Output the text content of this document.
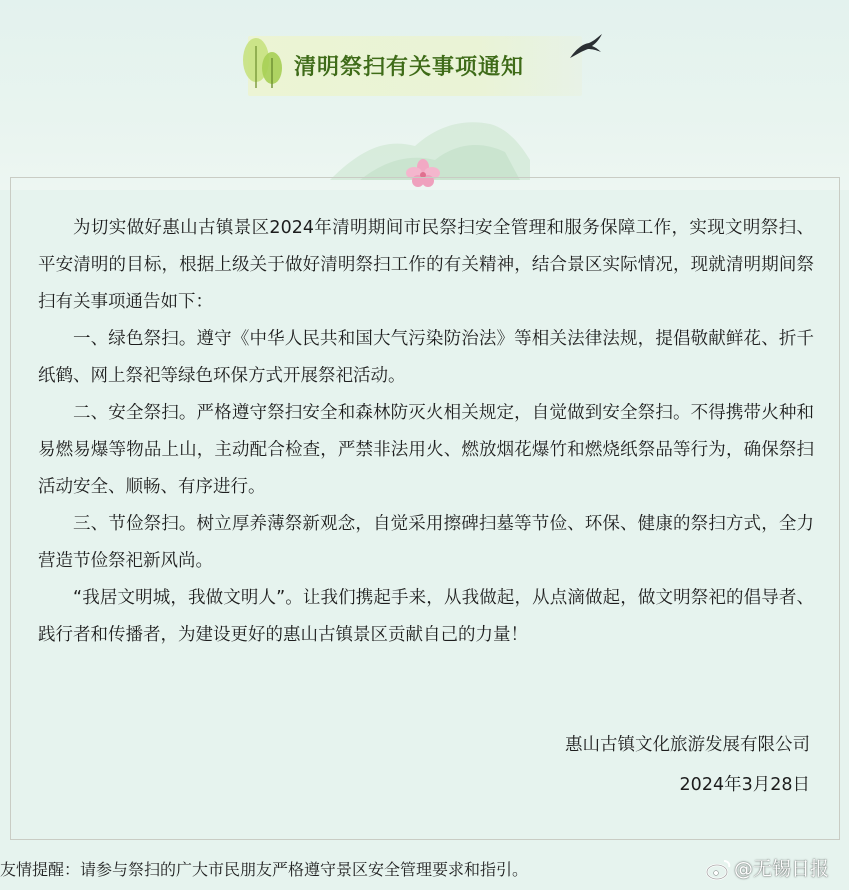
清明祭扫有关事项通知

为切实做好惠山古镇景区2024年清明期间市民祭扫安全管理和服务保障工作，实现文明祭扫、平安清明的目标，根据上级关于做好清明祭扫工作的有关精神，结合景区实际情况，现就清明期间祭扫有关事项通告如下：

一、绿色祭扫。遵守《中华人民共和国大气污染防治法》等相关法律法规，提倡敬献鲜花、折千纸鹤、网上祭祀等绿色环保方式开展祭祀活动。

二、安全祭扫。严格遵守祭扫安全和森林防灭火相关规定，自觉做到安全祭扫。不得携带火种和易燃易爆等物品上山，主动配合检查，严禁非法用火、燃放烟花爆竹和燃烧纸祭品等行为，确保祭扫活动安全、顺畅、有序进行。

三、节俭祭扫。树立厚养薄祭新观念，自觉采用擦碑扫墓等节俭、环保、健康的祭扫方式，全力营造节俭祭祀新风尚。

“我居文明城，我做文明人”。让我们携起手来，从我做起，从点滴做起，做文明祭祀的倡导者、践行者和传播者，为建设更好的惠山古镇景区贡献自己的力量！

惠山古镇文化旅游发展有限公司
2024年3月28日
友情提醒：请参与祭扫的广大市民朋友严格遵守景区安全管理要求和指引。	@无锡日报
